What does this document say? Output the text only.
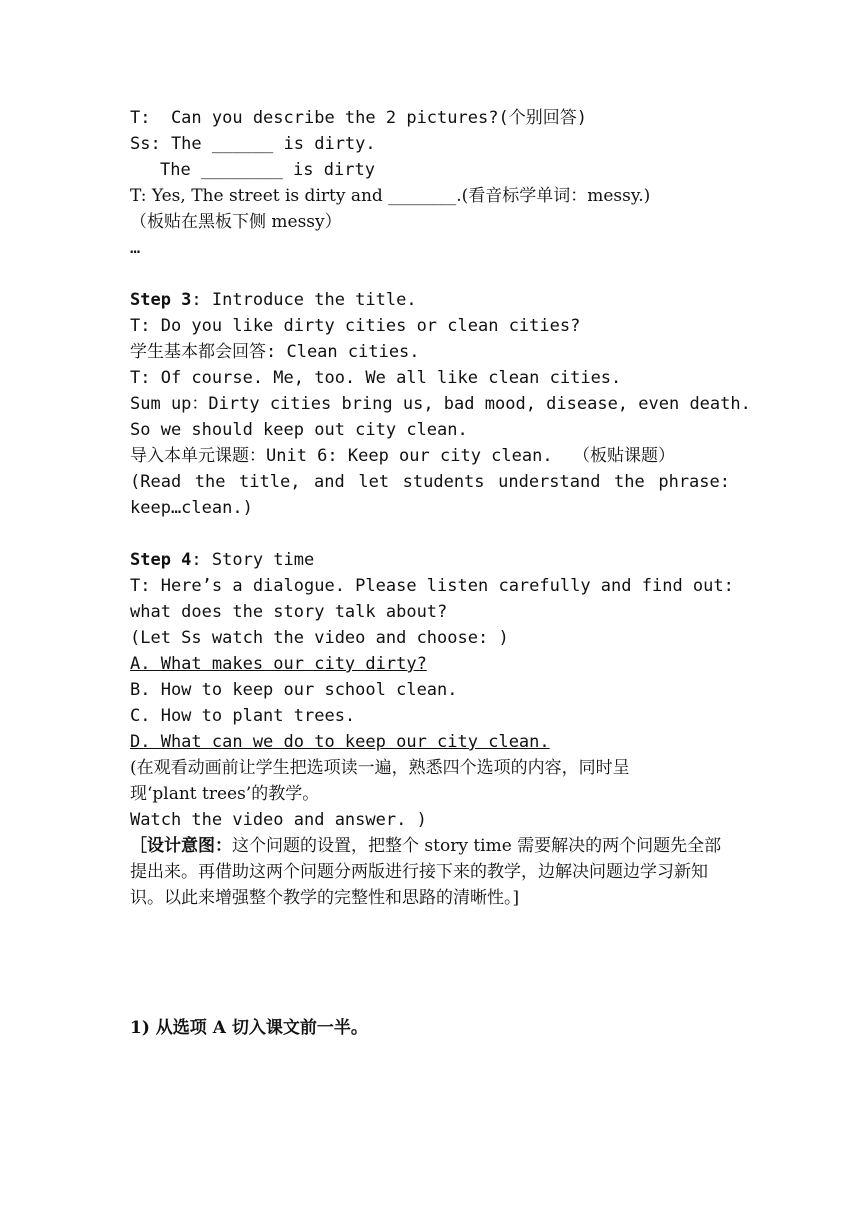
T:  Can you describe the 2 pictures?(个别回答)
Ss: The ______ is dirty.
The ________ is dirty
T: Yes, The street is dirty and ________.(看音标学单词：messy.)
（板贴在黑板下侧 messy）
…
Step 3: Introduce the title.
T: Do you like dirty cities or clean cities?
学生基本都会回答: Clean cities.
T: Of course. Me, too. We all like clean cities.
Sum up：Dirty cities bring us, bad mood, disease, even death.
So we should keep out city clean.
导入本单元课题：Unit 6: Keep our city clean.  （板贴课题）
(Read the title, and let students understand the phrase:
keep…clean.)
Step 4: Story time
T: Here’s a dialogue. Please listen carefully and find out:
what does the story talk about?
(Let Ss watch the video and choose: )
A. What makes our city dirty?
B. How to keep our school clean.
C. How to plant trees.
D. What can we do to keep our city clean.
(在观看动画前让学生把选项读一遍，熟悉四个选项的内容，同时呈
现‘plant trees’的教学。
Watch the video and answer. )
［设计意图：这个问题的设置，把整个 story time 需要解决的两个问题先全部提出来。再借助这两个问题分两版进行接下来的教学，边解决问题边学习新知识。以此来增强整个教学的完整性和思路的清晰性。]
1) 从选项 A 切入课文前一半。
